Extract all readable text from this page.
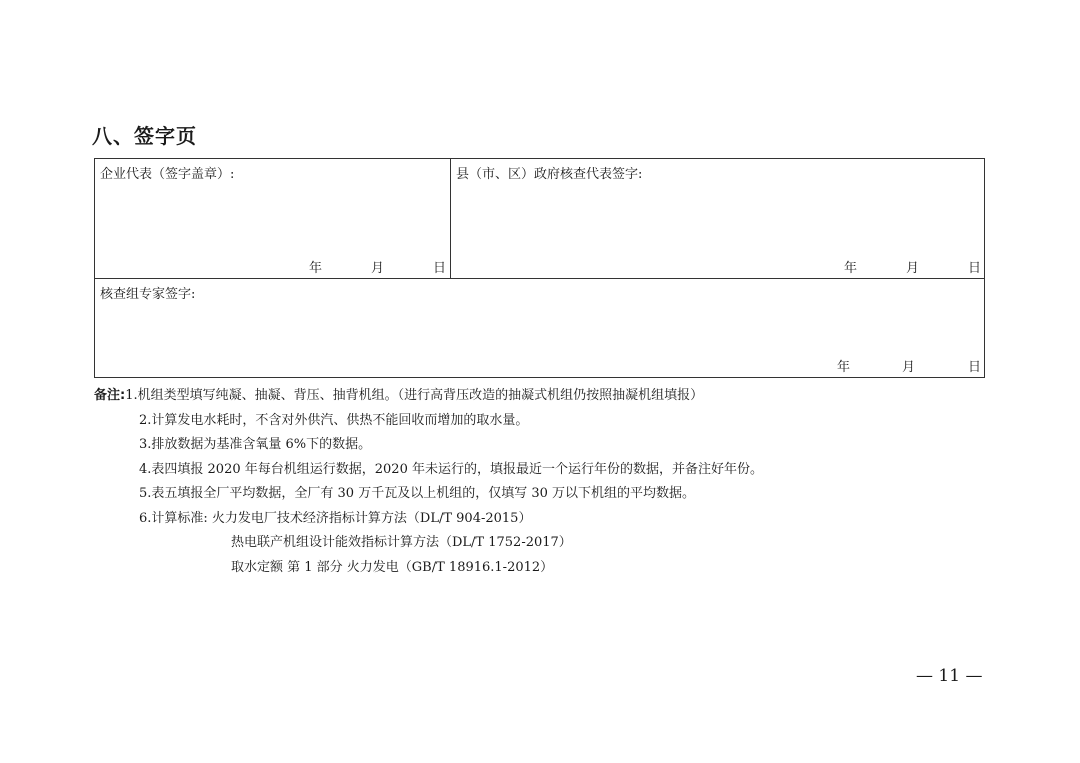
八、签字页
企业代表（签字盖章）:
年	月	日
县（市、区）政府核查代表签字:
年	月	日
核查组专家签字:
年	月	日
备注:1.机组类型填写纯凝、抽凝、背压、抽背机组。（进行高背压改造的抽凝式机组仍按照抽凝机组填报）
2.计算发电水耗时，不含对外供汽、供热不能回收而增加的取水量。
3.排放数据为基准含氧量 6%下的数据。
4.表四填报 2020 年每台机组运行数据，2020 年未运行的，填报最近一个运行年份的数据，并备注好年份。
5.表五填报全厂平均数据，全厂有 30 万千瓦及以上机组的，仅填写 30 万以下机组的平均数据。
6.计算标准: 火力发电厂技术经济指标计算方法（DL/T 904-2015）
热电联产机组设计能效指标计算方法（DL/T 1752-2017）
取水定额 第 1 部分 火力发电（GB/T 18916.1-2012）
— 11 —
